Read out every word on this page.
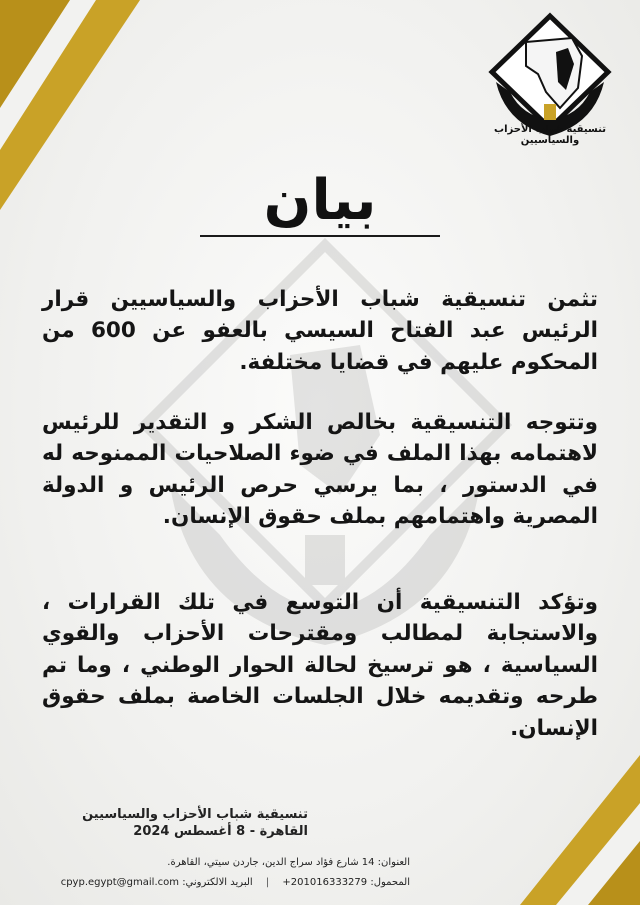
تنسيقية شباب الأحزاب والسياسيين
بيان

تثمن تنسيقية شباب الأحزاب والسياسيين قرار الرئيس عبد الفتاح السيسي بالعفو عن 600 من المحكوم عليهم في قضايا مختلفة.

وتتوجه التنسيقية بخالص الشكر و التقدير للرئيس لاهتمامه بهذا الملف في ضوء الصلاحيات الممنوحه له في الدستور ، بما يرسي حرص الرئيس و الدولة المصرية واهتمامهم بملف حقوق الإنسان.

وتؤكد التنسيقية أن التوسع في تلك القرارات ، والاستجابة لمطالب ومقترحات الأحزاب والقوي السياسية ، هو ترسيخ لحالة الحوار الوطني ، وما تم طرحه وتقديمه خلال الجلسات الخاصة بملف حقوق الإنسان.

تنسيقية شباب الأحزاب والسياسيين
القاهرة - 8 أغسطس 2024
العنوان: 14 شارع فؤاد سراج الدين، جاردن سيتي، القاهرة.
المحمول: +201016333279 | البريد الالكتروني: cpyp.egypt@gmail.com
